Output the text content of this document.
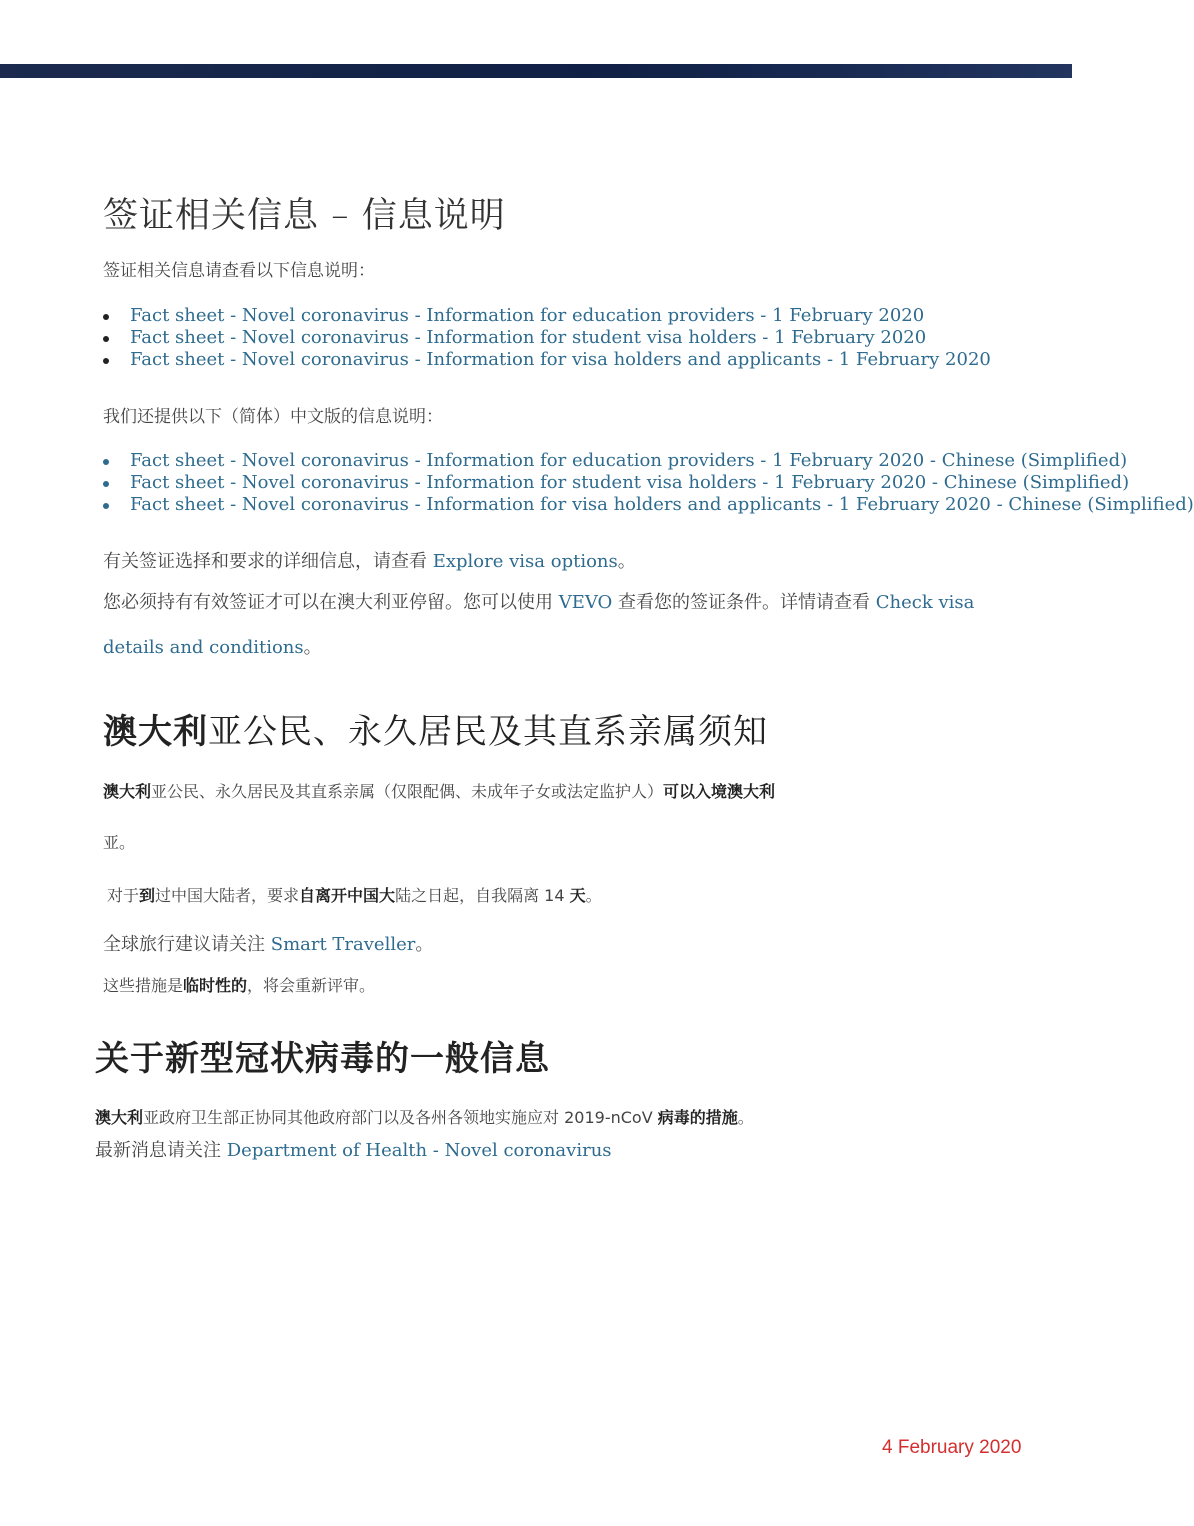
签证相关信息 – 信息说明
签证相关信息请查看以下信息说明：
Fact sheet - Novel coronavirus - Information for education providers - 1 February 2020
Fact sheet - Novel coronavirus - Information for student visa holders - 1 February 2020
Fact sheet - Novel coronavirus - Information for visa holders and applicants - 1 February 2020
我们还提供以下（简体）中文版的信息说明：
Fact sheet - Novel coronavirus - Information for education providers - 1 February 2020 - Chinese (Simplified)
Fact sheet - Novel coronavirus - Information for student visa holders - 1 February 2020 - Chinese (Simplified)
Fact sheet - Novel coronavirus - Information for visa holders and applicants - 1 February 2020 - Chinese (Simplified)
有关签证选择和要求的详细信息，请查看 Explore visa options。
您必须持有有效签证才可以在澳大利亚停留。您可以使用 VEVO 查看您的签证条件。详情请查看 Check visa
details and conditions。
澳大利亚公民、永久居民及其直系亲属须知
澳大利亚公民、永久居民及其直系亲属（仅限配偶、未成年子女或法定监护人）可以入境澳大利
亚。
对于到过中国大陆者，要求自离开中国大陆之日起，自我隔离 14 天。
全球旅行建议请关注 Smart Traveller。
这些措施是临时性的，将会重新评审。
关于新型冠状病毒的一般信息
澳大利亚政府卫生部正协同其他政府部门以及各州各领地实施应对 2019-nCoV 病毒的措施。
最新消息请关注 Department of Health - Novel coronavirus
4 February 2020
